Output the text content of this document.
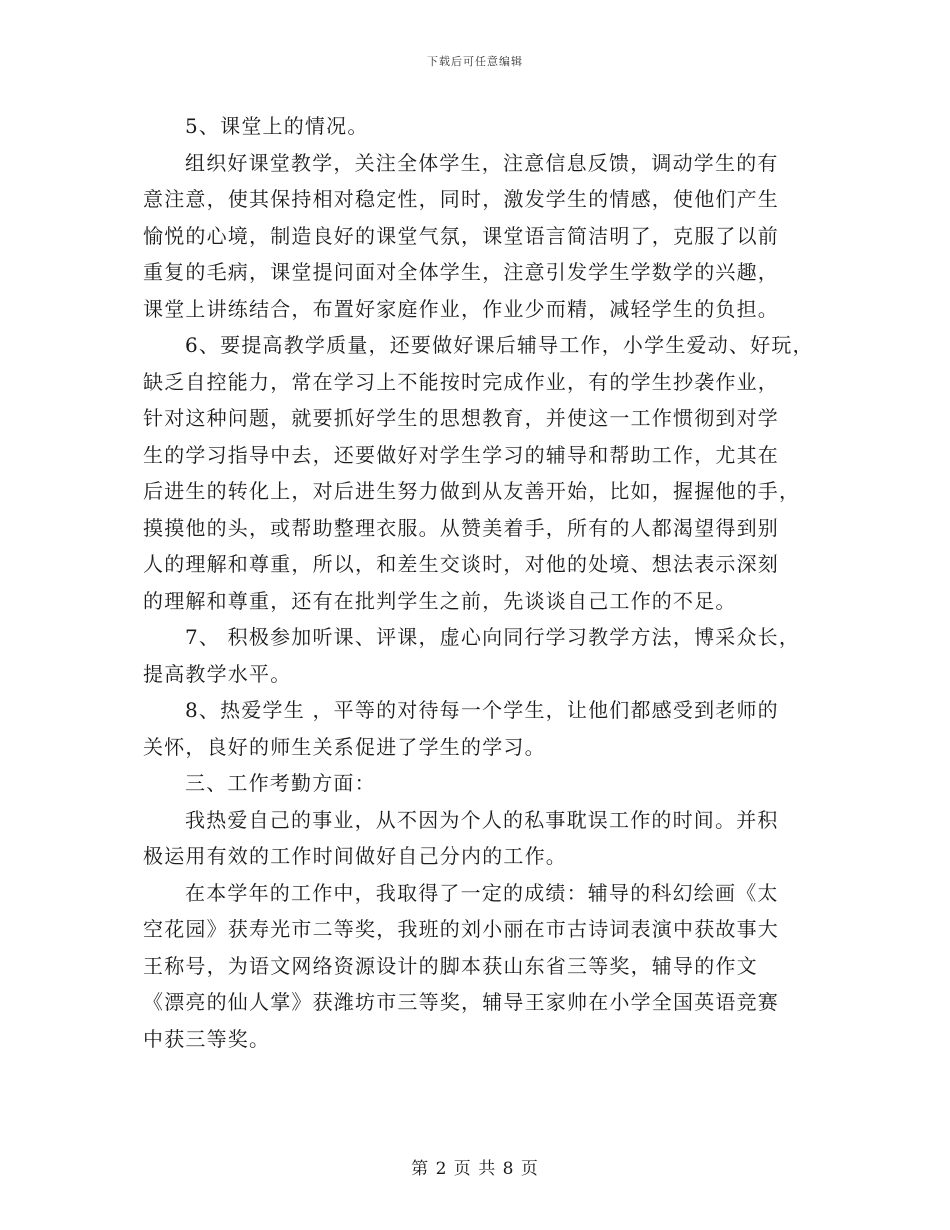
下载后可任意编辑
5、课堂上的情况。
组织好课堂教学，关注全体学生，注意信息反馈，调动学生的有
意注意，使其保持相对稳定性，同时，激发学生的情感，使他们产生
愉悦的心境，制造良好的课堂气氛，课堂语言简洁明了，克服了以前
重复的毛病，课堂提问面对全体学生，注意引发学生学数学的兴趣，
课堂上讲练结合，布置好家庭作业，作业少而精，减轻学生的负担。
6、要提高教学质量，还要做好课后辅导工作，小学生爱动、好玩，
缺乏自控能力，常在学习上不能按时完成作业，有的学生抄袭作业，
针对这种问题，就要抓好学生的思想教育，并使这一工作惯彻到对学
生的学习指导中去，还要做好对学生学习的辅导和帮助工作，尤其在
后进生的转化上，对后进生努力做到从友善开始，比如，握握他的手，
摸摸他的头，或帮助整理衣服。从赞美着手，所有的人都渴望得到别
人的理解和尊重，所以，和差生交谈时，对他的处境、想法表示深刻
的理解和尊重，还有在批判学生之前，先谈谈自己工作的不足。
7、 积极参加听课、评课，虚心向同行学习教学方法，博采众长，
提高教学水平。
8、热爱学生 ，平等的对待每一个学生，让他们都感受到老师的
关怀，良好的师生关系促进了学生的学习。
三、工作考勤方面：
我热爱自己的事业，从不因为个人的私事耽误工作的时间。并积
极运用有效的工作时间做好自己分内的工作。
在本学年的工作中，我取得了一定的成绩：辅导的科幻绘画《太
空花园》获寿光市二等奖，我班的刘小丽在市古诗词表演中获故事大
王称号，为语文网络资源设计的脚本获山东省三等奖，辅导的作文
《漂亮的仙人掌》获潍坊市三等奖，辅导王家帅在小学全国英语竞赛
中获三等奖。
第 2 页 共 8 页
